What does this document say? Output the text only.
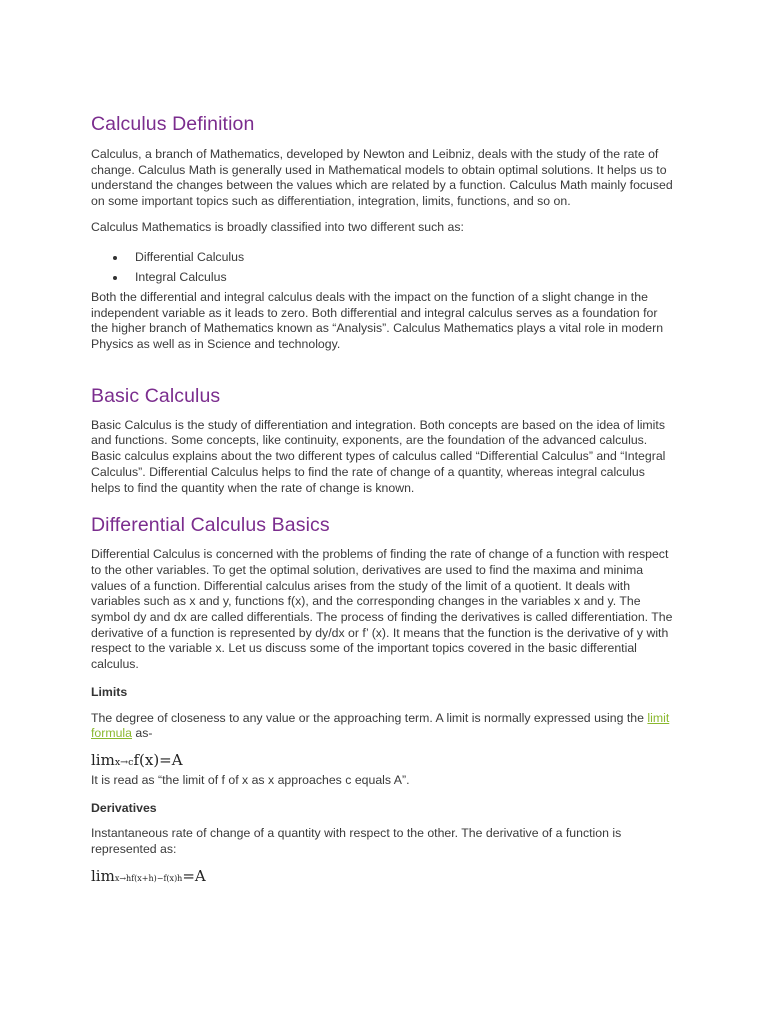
Calculus Definition

Calculus, a branch of Mathematics, developed by Newton and Leibniz, deals with the study of the rate of change. Calculus Math is generally used in Mathematical models to obtain optimal solutions. It helps us to understand the changes between the values which are related by a function. Calculus Math mainly focused on some important topics such as differentiation, integration, limits, functions, and so on.

Calculus Mathematics is broadly classified into two different such as:

Differential Calculus
Integral Calculus

Both the differential and integral calculus deals with the impact on the function of a slight change in the independent variable as it leads to zero. Both differential and integral calculus serves as a foundation for the higher branch of Mathematics known as “Analysis”. Calculus Mathematics plays a vital role in modern Physics as well as in Science and technology.

Basic Calculus

Basic Calculus is the study of differentiation and integration. Both concepts are based on the idea of limits and functions. Some concepts, like continuity, exponents, are the foundation of the advanced calculus. Basic calculus explains about the two different types of calculus called “Differential Calculus” and “Integral Calculus”. Differential Calculus helps to find the rate of change of a quantity, whereas integral calculus helps to find the quantity when the rate of change is known.

Differential Calculus Basics

Differential Calculus is concerned with the problems of finding the rate of change of a function with respect to the other variables. To get the optimal solution, derivatives are used to find the maxima and minima values of a function. Differential calculus arises from the study of the limit of a quotient. It deals with variables such as x and y, functions f(x), and the corresponding changes in the variables x and y. The symbol dy and dx are called differentials. The process of finding the derivatives is called differentiation. The derivative of a function is represented by dy/dx or f’ (x). It means that the function is the derivative of y with respect to the variable x. Let us discuss some of the important topics covered in the basic differential calculus.

Limits

The degree of closeness to any value or the approaching term. A limit is normally expressed using the limit formula as-

limx→cf(x)=A

It is read as “the limit of f of x as x approaches c equals A”.

Derivatives

Instantaneous rate of change of a quantity with respect to the other. The derivative of a function is represented as:

limx→hf(x+h)−f(x)h=A
